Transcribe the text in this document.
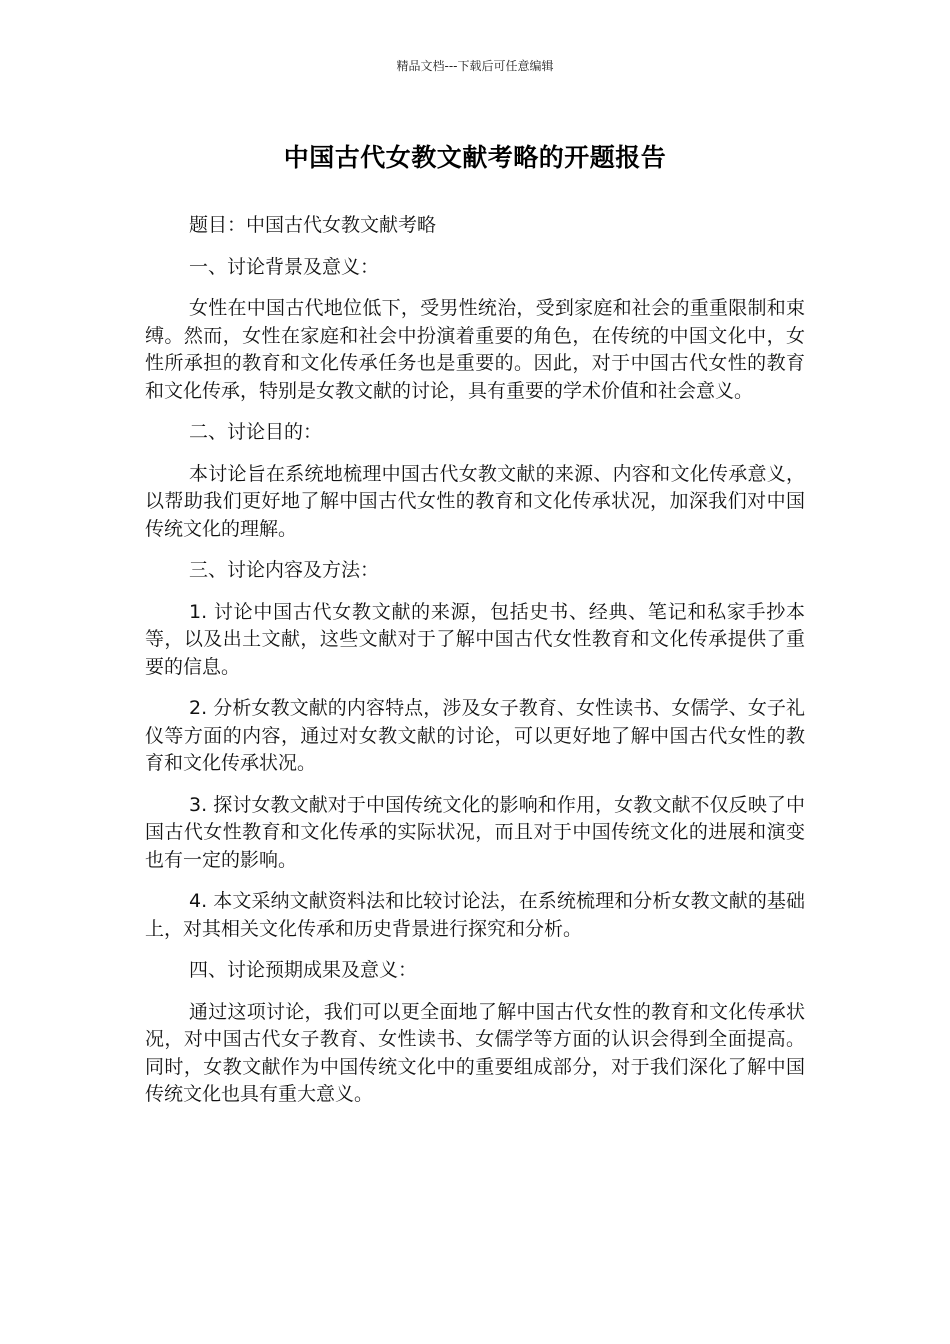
精品文档---下载后可任意编辑
中国古代女教文献考略的开题报告

题目：中国古代女教文献考略

一、讨论背景及意义：

女性在中国古代地位低下，受男性统治，受到家庭和社会的重重限制和束缚。然而，女性在家庭和社会中扮演着重要的角色，在传统的中国文化中，女性所承担的教育和文化传承任务也是重要的。因此，对于中国古代女性的教育和文化传承，特别是女教文献的讨论，具有重要的学术价值和社会意义。

二、讨论目的：

本讨论旨在系统地梳理中国古代女教文献的来源、内容和文化传承意义，以帮助我们更好地了解中国古代女性的教育和文化传承状况，加深我们对中国传统文化的理解。

三、讨论内容及方法：

1. 讨论中国古代女教文献的来源，包括史书、经典、笔记和私家手抄本等，以及出土文献，这些文献对于了解中国古代女性教育和文化传承提供了重要的信息。

2. 分析女教文献的内容特点，涉及女子教育、女性读书、女儒学、女子礼仪等方面的内容，通过对女教文献的讨论，可以更好地了解中国古代女性的教育和文化传承状况。

3. 探讨女教文献对于中国传统文化的影响和作用，女教文献不仅反映了中国古代女性教育和文化传承的实际状况，而且对于中国传统文化的进展和演变也有一定的影响。

4. 本文采纳文献资料法和比较讨论法，在系统梳理和分析女教文献的基础上，对其相关文化传承和历史背景进行探究和分析。

四、讨论预期成果及意义：

通过这项讨论，我们可以更全面地了解中国古代女性的教育和文化传承状况，对中国古代女子教育、女性读书、女儒学等方面的认识会得到全面提高。同时，女教文献作为中国传统文化中的重要组成部分，对于我们深化了解中国传统文化也具有重大意义。
